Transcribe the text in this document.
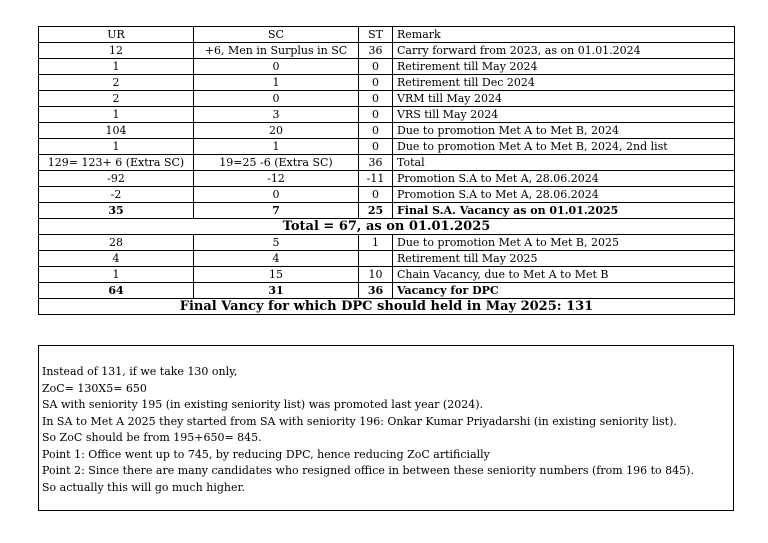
UR	SC	ST	Remark
12	+6, Men in Surplus in SC	36	Carry forward from 2023, as on 01.01.2024
1	0	0	Retirement till May 2024
2	1	0	Retirement till Dec 2024
2	0	0	VRM till May 2024
1	3	0	VRS till May 2024
104	20	0	Due to promotion Met A to Met B, 2024
1	1	0	Due to promotion Met A to Met B, 2024, 2nd list
129= 123+ 6 (Extra SC)	19=25 -6 (Extra SC)	36	Total
-92	-12	-11	Promotion S.A to Met A, 28.06.2024
-2	0	0	Promotion S.A to Met A, 28.06.2024
35	7	25	Final S.A. Vacancy as on 01.01.2025
Total = 67, as on 01.01.2025			
28	5	1	Due to promotion Met A to Met B, 2025
4	4		Retirement till May 2025
1	15	10	Chain Vacancy, due to Met A to Met B
64	31	36	Vacancy for DPC
Final Vancy for which DPC should held in May 2025: 131			
Instead of 131, if we take 130 only,
ZoC= 130X5= 650
SA with seniority 195 (in existing seniority list) was promoted last year (2024).
In SA to Met A 2025 they started from SA with seniority 196: Onkar Kumar Priyadarshi (in existing seniority list).
So ZoC should be from 195+650= 845.
Point 1: Office went up to 745, by reducing DPC, hence reducing ZoC artificially
Point 2: Since there are many candidates who resigned office in between these seniority numbers (from 196 to 845).
So actually this will go much higher.
